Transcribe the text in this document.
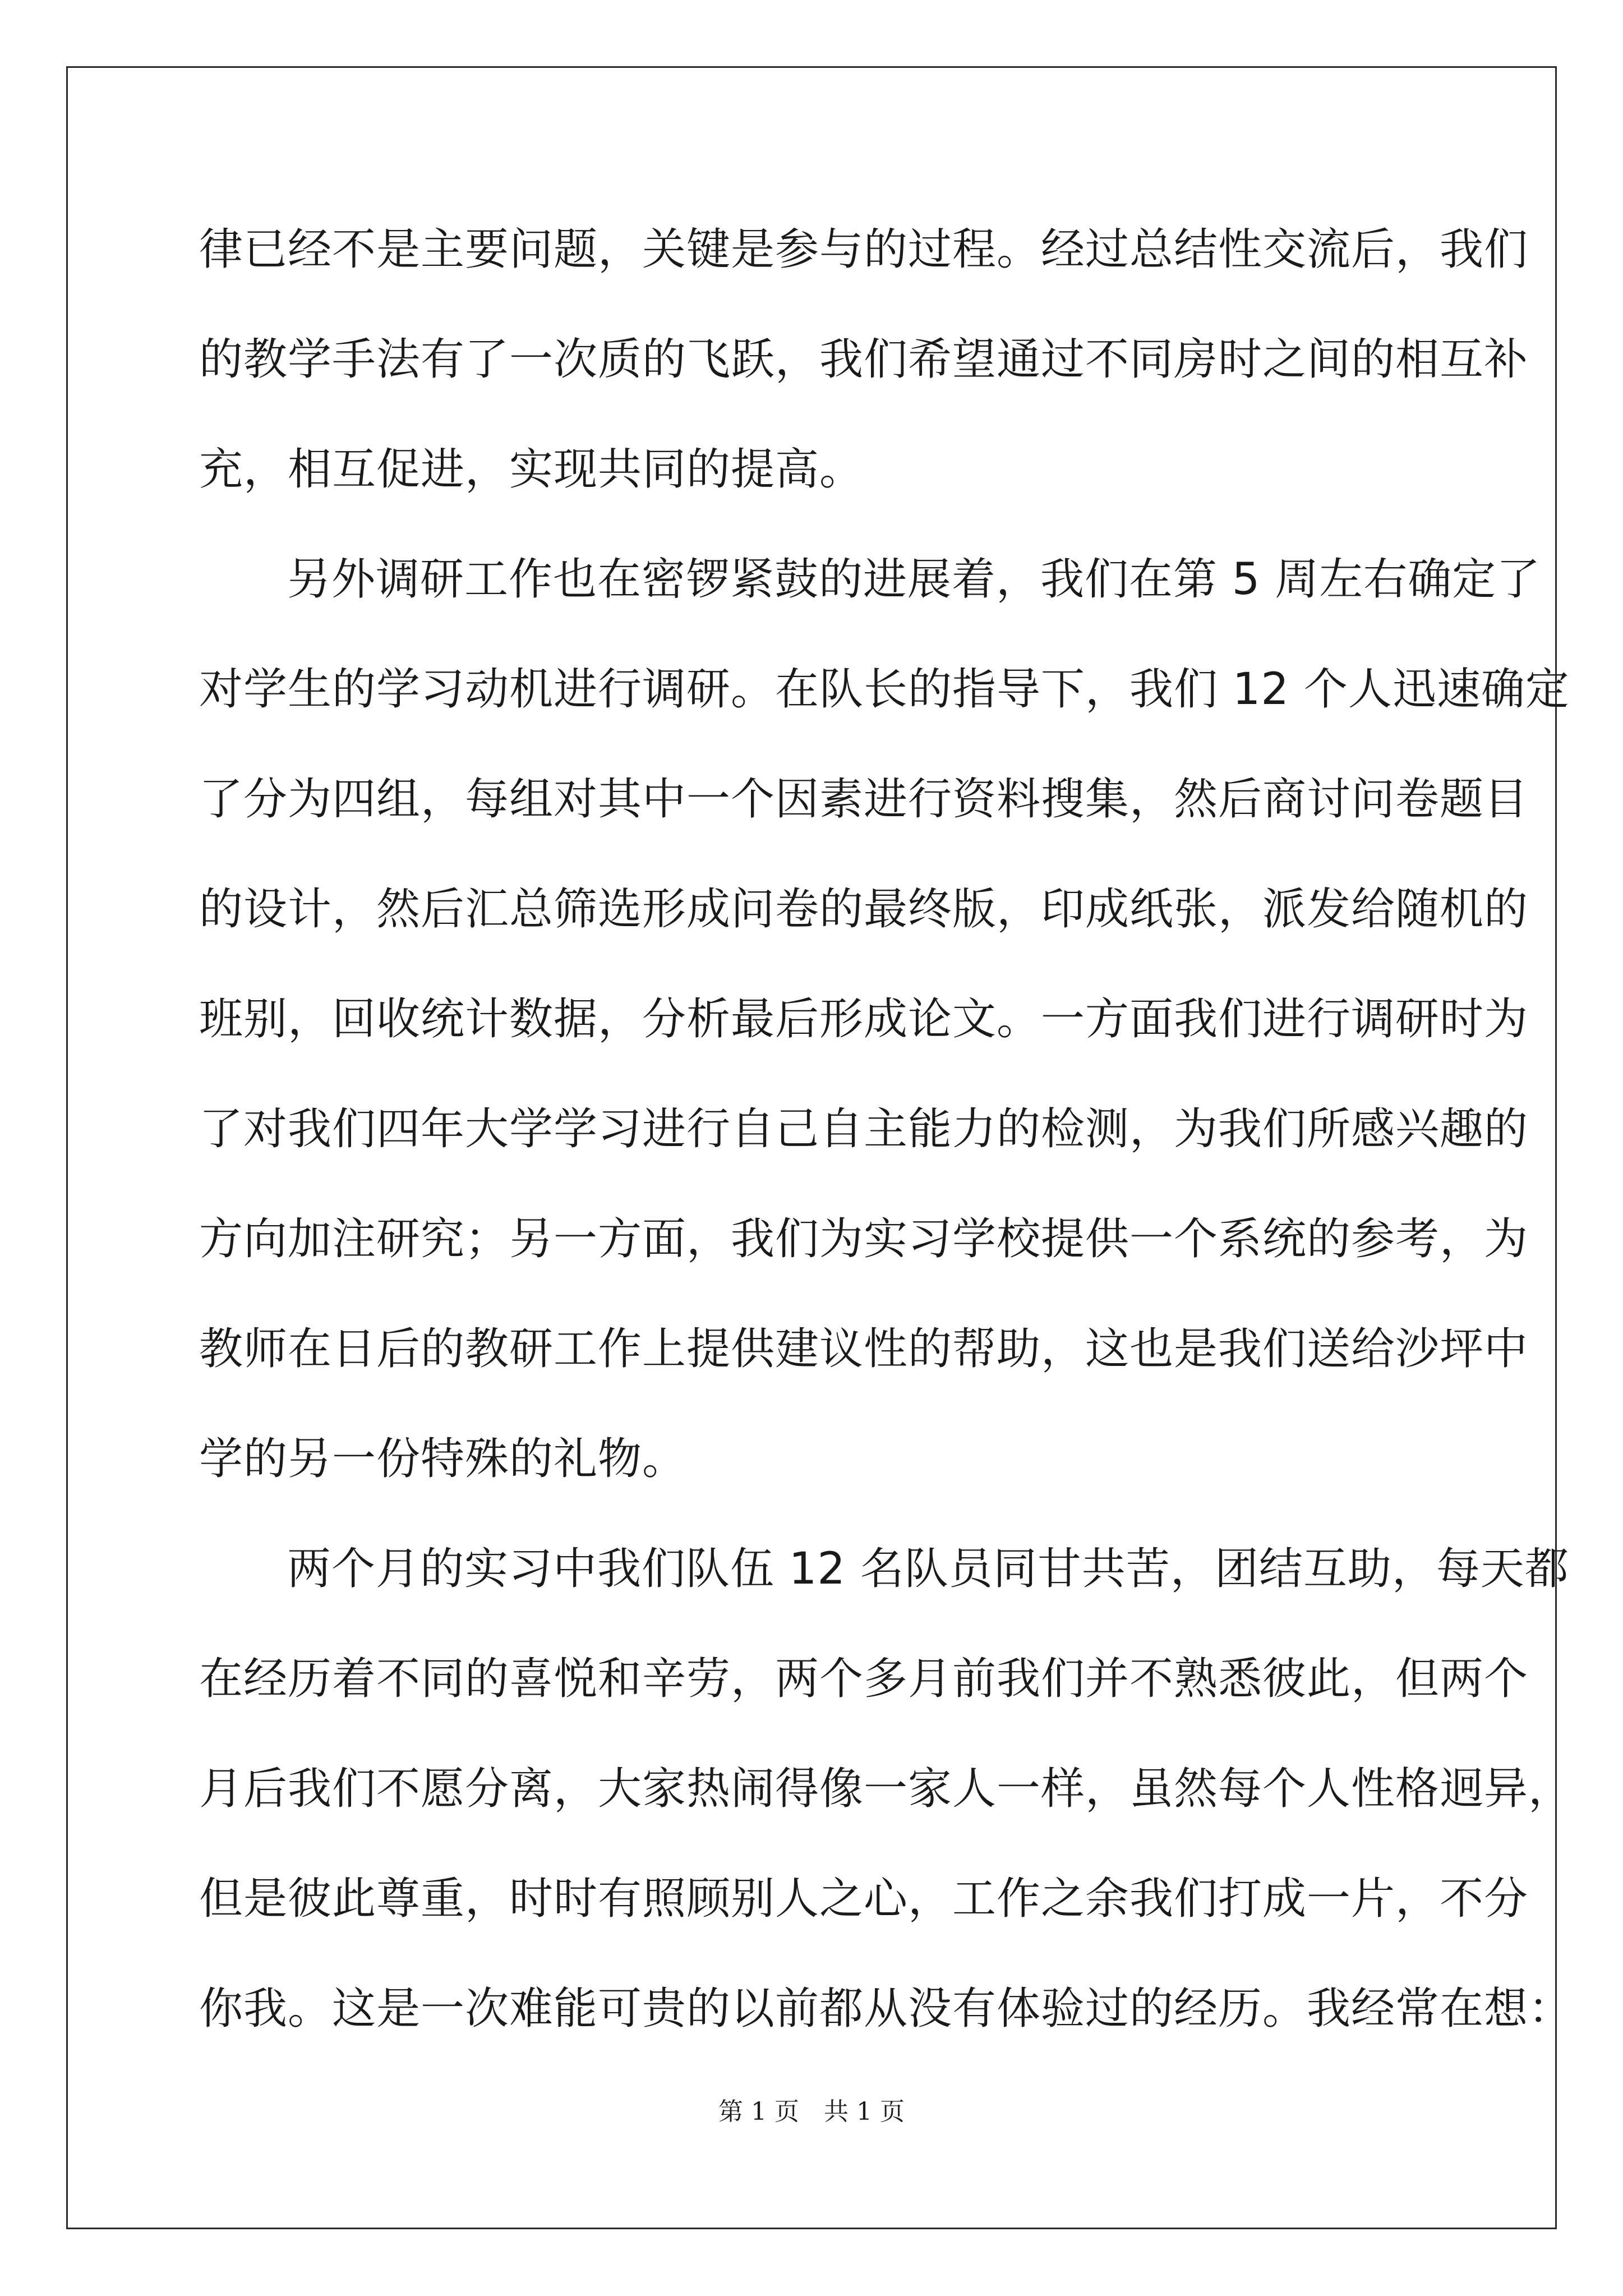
律已经不是主要问题，关键是参与的过程。经过总结性交流后，我们
的教学手法有了一次质的飞跃，我们希望通过不同房时之间的相互补
充，相互促进，实现共同的提高。
另外调研工作也在密锣紧鼓的进展着，我们在第 5 周左右确定了
对学生的学习动机进行调研。在队长的指导下，我们 12 个人迅速确定
了分为四组，每组对其中一个因素进行资料搜集，然后商讨问卷题目
的设计，然后汇总筛选形成问卷的最终版，印成纸张，派发给随机的
班别，回收统计数据，分析最后形成论文。一方面我们进行调研时为
了对我们四年大学学习进行自己自主能力的检测，为我们所感兴趣的
方向加注研究；另一方面，我们为实习学校提供一个系统的参考，为
教师在日后的教研工作上提供建议性的帮助，这也是我们送给沙坪中
学的另一份特殊的礼物。
两个月的实习中我们队伍 12 名队员同甘共苦，团结互助，每天都
在经历着不同的喜悦和辛劳，两个多月前我们并不熟悉彼此，但两个
月后我们不愿分离，大家热闹得像一家人一样，虽然每个人性格迥异，
但是彼此尊重，时时有照顾别人之心，工作之余我们打成一片，不分
你我。这是一次难能可贵的以前都从没有体验过的经历。我经常在想：
第 1 页　共 1 页
